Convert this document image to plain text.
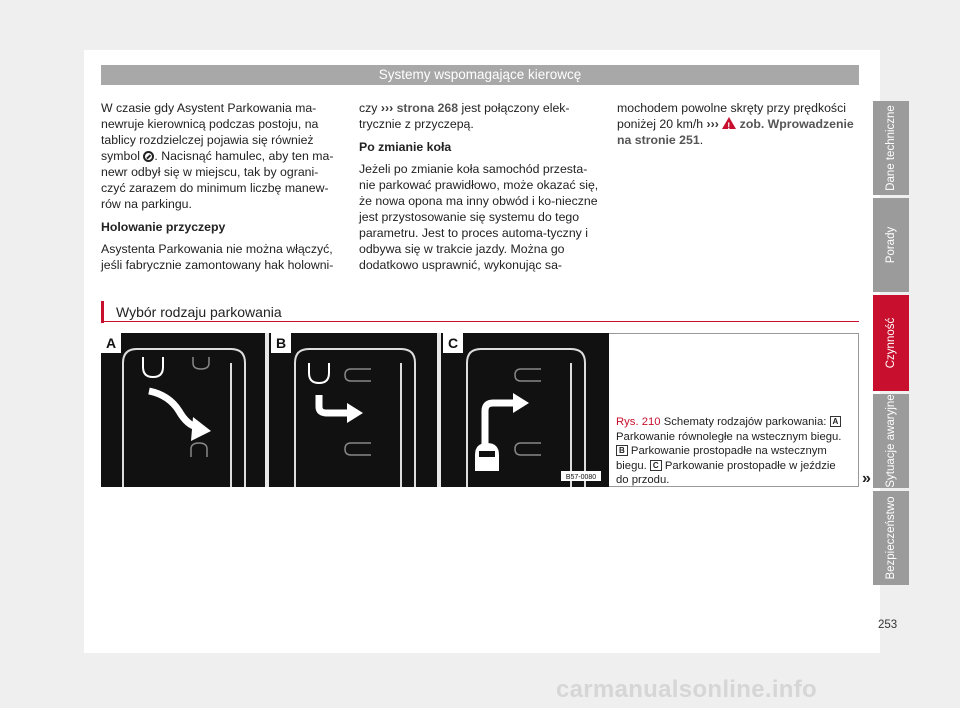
Systemy wspomagające kierowcę

W czasie gdy Asystent Parkowania ma-newruje kierownicą podczas postoju, na tablicy rozdzielczej pojawia się również symbol . Nacisnąć hamulec, aby ten ma-newr odbył się w miejscu, tak by ograni-czyć zarazem do minimum liczbę manew-rów na parkingu.

Holowanie przyczepy

Asystenta Parkowania nie można włączyć, jeśli fabrycznie zamontowany hak holowni-

czy ››› strona 268 jest połączony elek-trycznie z przyczepą.

Po zmianie koła

Jeżeli po zmianie koła samochód przesta-nie parkować prawidłowo, może okazać się, że nowa opona ma inny obwód i ko-nieczne jest przystosowanie się systemu do tego parametru. Jest to proces automa-tyczny i odbywa się w trakcie jazdy. Można go dodatkowo usprawnić, wykonując sa-

mochodem powolne skręty przy prędkości poniżej 20 km/h ››› ! zob. Wprowadzenie na stronie 251.

Wybór rodzaju parkowania
A	B	C
B57-0080
Rys. 210 Schematy rodzajów parkowania: A Parkowanie równoległe na wstecznym biegu. B Parkowanie prostopadłe na wstecznym biegu. C Parkowanie prostopadłe w jeździe do przodu.	»
Dane techniczne
Porady
Czynność
Sytuacje awaryjne
Bezpieczeństwo
253
carmanualsonline.info
